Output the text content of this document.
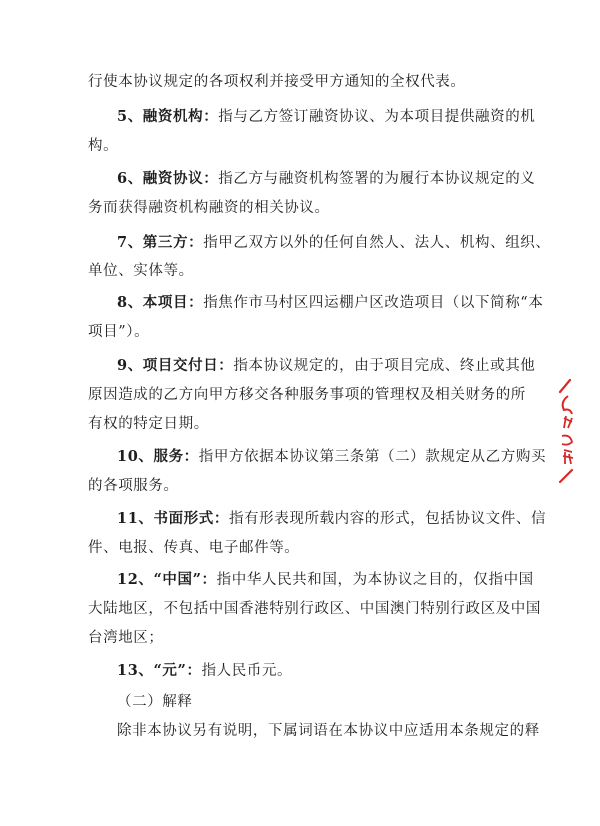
行使本协议规定的各项权利并接受甲方通知的全权代表。
5、融资机构：指与乙方签订融资协议、为本项目提供融资的机
构。
6、融资协议：指乙方与融资机构签署的为履行本协议规定的义
务而获得融资机构融资的相关协议。
7、第三方：指甲乙双方以外的任何自然人、法人、机构、组织、
单位、实体等。
8、本项目：指焦作市马村区四运棚户区改造项目（以下简称“本
项目”）。
9、项目交付日：指本协议规定的，由于项目完成、终止或其他
原因造成的乙方向甲方移交各种服务事项的管理权及相关财务的所
有权的特定日期。
10、服务：指甲方依据本协议第三条第（二）款规定从乙方购买
的各项服务。
11、书面形式：指有形表现所载内容的形式，包括协议文件、信
件、电报、传真、电子邮件等。
12、“中国”：指中华人民共和国，为本协议之目的，仅指中国
大陆地区，不包括中国香港特别行政区、中国澳门特别行政区及中国
台湾地区；
13、“元”：指人民币元。
（二）解释
除非本协议另有说明，下属词语在本协议中应适用本条规定的释
